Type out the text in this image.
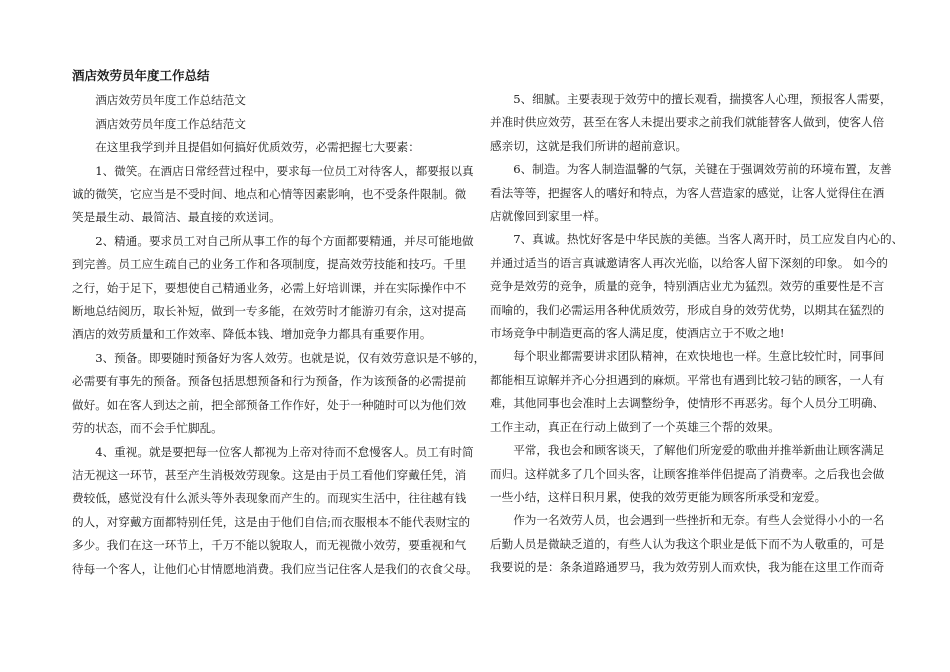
酒店效劳员年度工作总结

酒店效劳员年度工作总结范文

酒店效劳员年度工作总结范文

在这里我学到并且提倡如何搞好优质效劳，必需把握七大要素：

1、微笑。在酒店日常经营过程中，要求每一位员工对待客人，都要报以真
诚的微笑，它应当是不受时间、地点和心情等因素影响，也不受条件限制。微
笑是最生动、最简洁、最直接的欢送词。

2、精通。要求员工对自己所从事工作的每个方面都要精通，并尽可能地做
到完善。员工应生疏自己的业务工作和各项制度，提高效劳技能和技巧。千里
之行，始于足下，要想使自己精通业务，必需上好培训课，并在实际操作中不
断地总结阅历，取长补短，做到一专多能，在效劳时才能游刃有余，这对提高
酒店的效劳质量和工作效率、降低本钱、增加竞争力都具有重要作用。

3、预备。即要随时预备好为客人效劳。也就是说，仅有效劳意识是不够的，
必需要有事先的预备。预备包括思想预备和行为预备，作为该预备的必需提前
做好。如在客人到达之前，把全部预备工作作好，处于一种随时可以为他们效
劳的状态，而不会手忙脚乱。

4、重视。就是要把每一位客人都视为上帝对待而不怠慢客人。员工有时简
洁无视这一环节，甚至产生消极效劳现象。这是由于员工看他们穿戴任凭，消
费较低，感觉没有什么派头等外表现象而产生的。而现实生活中，往往越有钱
的人，对穿戴方面都特别任凭，这是由于他们自信;而衣服根本不能代表财宝的
多少。我们在这一环节上，千万不能以貌取人，而无视微小效劳，要重视和气
待每一个客人，让他们心甘情愿地消费。我们应当记住客人是我们的衣食父母。

5、细腻。主要表现于效劳中的擅长观看，揣摸客人心理，预报客人需要，
并准时供应效劳，甚至在客人未提出要求之前我们就能替客人做到，使客人倍
感亲切，这就是我们所讲的超前意识。

6、制造。为客人制造温馨的气氛，关键在于强调效劳前的环境布置，友善
看法等等，把握客人的嗜好和特点，为客人营造家的感觉，让客人觉得住在酒
店就像回到家里一样。

7、真诚。热忱好客是中华民族的美德。当客人离开时，员工应发自内心的、
并通过适当的语言真诚邀请客人再次光临，以给客人留下深刻的印象。 如今的
竞争是效劳的竞争，质量的竞争，特别酒店业尤为猛烈。效劳的重要性是不言
而喻的，我们必需运用各种优质效劳，形成自身的效劳优势，以期其在猛烈的
市场竞争中制造更高的客人满足度，使酒店立于不败之地!

每个职业都需要讲求团队精神，在欢快地也一样。生意比较忙时，同事间
都能相互谅解并齐心分担遇到的麻烦。平常也有遇到比较刁钻的顾客，一人有
难，其他同事也会准时上去调整纷争，使情形不再恶劣。每个人员分工明确、
工作主动，真正在行动上做到了一个英雄三个帮的效果。

平常，我也会和顾客谈天，了解他们所宠爱的歌曲并推举新曲让顾客满足
而归。这样就多了几个回头客，让顾客推举伴侣提高了消费率。之后我也会做
一些小结，这样日积月累，使我的效劳更能为顾客所承受和宠爱。

作为一名效劳人员，也会遇到一些挫折和无奈。有些人会觉得小小的一名
后勤人员是微缺乏道的，有些人认为我这个职业是低下而不为人敬重的，可是
我要说的是：条条道路通罗马，我为效劳别人而欢快，我为能在这里工作而奇
